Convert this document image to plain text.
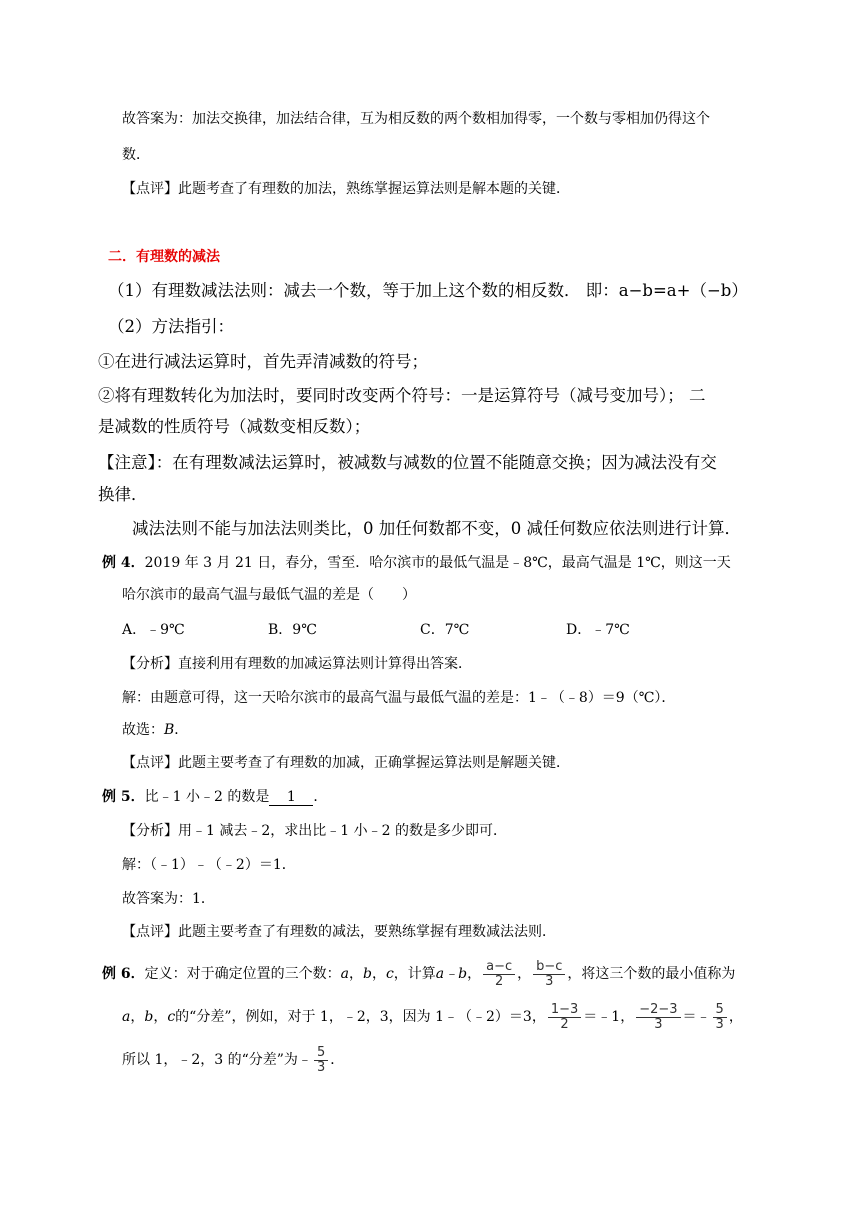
故答案为：加法交换律，加法结合律，互为相反数的两个数相加得零，一个数与零相加仍得这个
数．
【点评】此题考查了有理数的加法，熟练掌握运算法则是解本题的关键．
二．有理数的减法
（1）有理数减法法则：减去一个数，等于加上这个数的相反数． 即：a−b=a+（−b）
（2）方法指引：
①在进行减法运算时，首先弄清减数的符号；
②将有理数转化为加法时，要同时改变两个符号：一是运算符号（减号变加号）； 二
是减数的性质符号（减数变相反数）；
【注意】：在有理数减法运算时，被减数与减数的位置不能随意交换；因为减法没有交
换律．
减法法则不能与加法法则类比，0 加任何数都不变，0 减任何数应依法则进行计算．
例 4．2019 年 3 月 21 日，春分，雪至．哈尔滨市的最低气温是﹣8℃，最高气温是 1℃，则这一天
哈尔滨市的最高气温与最低气温的差是（　　）
A．﹣9℃	B．9℃	C．7℃	D．﹣7℃
【分析】直接利用有理数的加减运算法则计算得出答案．
解：由题意可得，这一天哈尔滨市的最高气温与最低气温的差是：1﹣（﹣8）＝9（℃）．
故选：B．
【点评】此题主要考查了有理数的加减，正确掌握运算法则是解题关键．
例 5．比﹣1 小﹣2 的数是 1 ．
【分析】用﹣1 减去﹣2，求出比﹣1 小﹣2 的数是多少即可．
解：（﹣1）﹣（﹣2）＝1．
故答案为：1．
【点评】此题主要考查了有理数的减法，要熟练掌握有理数减法法则．
例 6．定义：对于确定位置的三个数：a，b，c，计算a﹣b， $\frac{a-c}{2}$ ， $\frac{b-c}{3}$ ，将这三个数的最小值称为
a，b，c的“分差”，例如，对于 1，﹣2，3，因为 1﹣（﹣2）＝3， $\frac{1-3}{2}$ ＝﹣1， $\frac{-2-3}{3}$ ＝﹣ $\frac{5}{3}$ ，
所以 1，﹣2，3 的“分差”为﹣ $\frac{5}{3}$ ．
